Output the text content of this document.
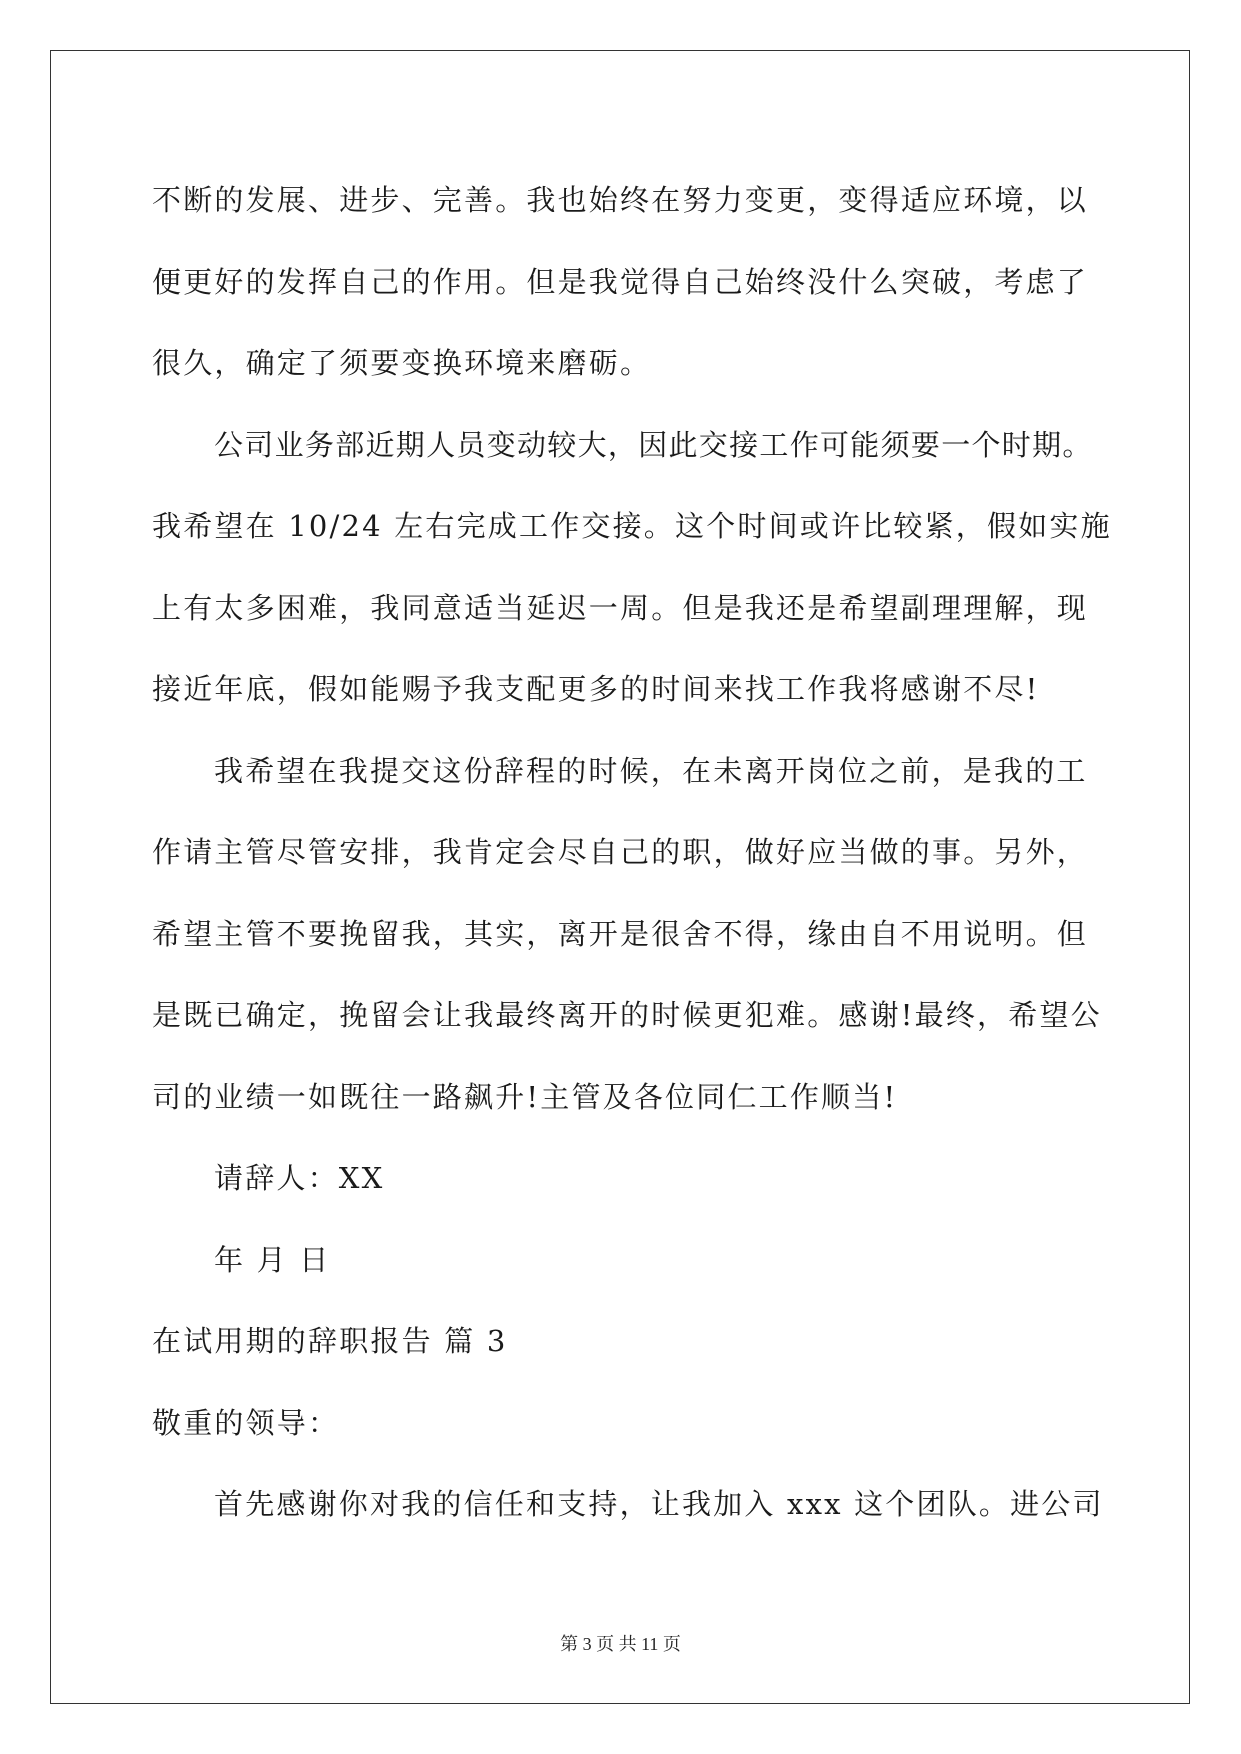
不断的发展、进步、完善。我也始终在努力变更，变得适应环境，以
便更好的发挥自己的作用。但是我觉得自己始终没什么突破，考虑了
很久，确定了须要变换环境来磨砺。
公司业务部近期人员变动较大，因此交接工作可能须要一个时期。
我希望在 10/24 左右完成工作交接。这个时间或许比较紧，假如实施
上有太多困难，我同意适当延迟一周。但是我还是希望副理理解，现
接近年底，假如能赐予我支配更多的时间来找工作我将感谢不尽!
我希望在我提交这份辞程的时候，在未离开岗位之前，是我的工
作请主管尽管安排，我肯定会尽自己的职，做好应当做的事。另外，
希望主管不要挽留我，其实，离开是很舍不得，缘由自不用说明。但
是既已确定，挽留会让我最终离开的时候更犯难。感谢!最终，希望公
司的业绩一如既往一路飙升!主管及各位同仁工作顺当!
请辞人：XX
年 月 日
在试用期的辞职报告 篇 3
敬重的领导：
首先感谢你对我的信任和支持，让我加入 xxx 这个团队。进公司
第 3 页 共 11 页
